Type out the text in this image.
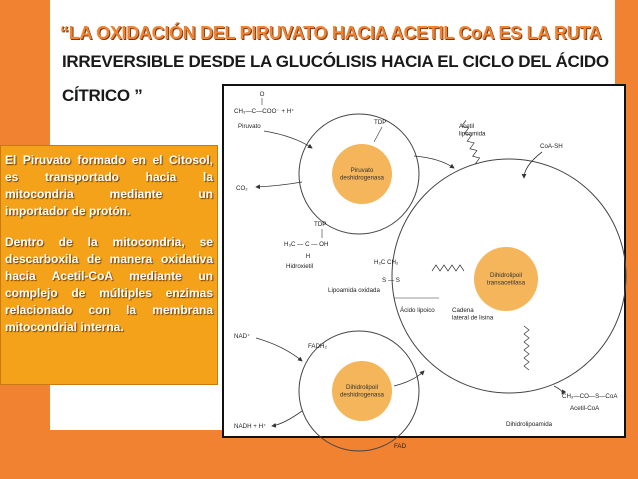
“LA OXIDACIÓN DEL PIRUVATO HACIA ACETIL CoA ES LA RUTA
IRREVERSIBLE DESDE LA GLUCÓLISIS HACIA EL CICLO DEL ÁCIDO
CÍTRICO ”

El Piruvato formado en el Citosol, es transportado hacia la mitocondria mediante un importador de protón.

Dentro de la mitocondria, se descarboxila de manera oxidativa hacia Acetil-CoA mediante un complejo de múltiples enzimas relacionado con la membrana mitocondrial interna.

Piruvato deshidrogenasa
Dihidrolipoil transacetilasa
Dihidrolipoil deshidrogenasa
O
CH₃—C—COO⁻ + H⁺
Piruvato
TDP
CO₂
TDP
H₃C — C — OH
H
Hidroxietil
Acetil lipoamida
CoA-SH
H₂C CH₂
S — S
Lipoamida oxidada
Ácido lipoico	Cadena lateral de lisina
NAD⁺
FADH₂
FAD
NADH + H⁺
CH₃—CO—S—CoA
Acetil-CoA
Dihidrolipoamida
